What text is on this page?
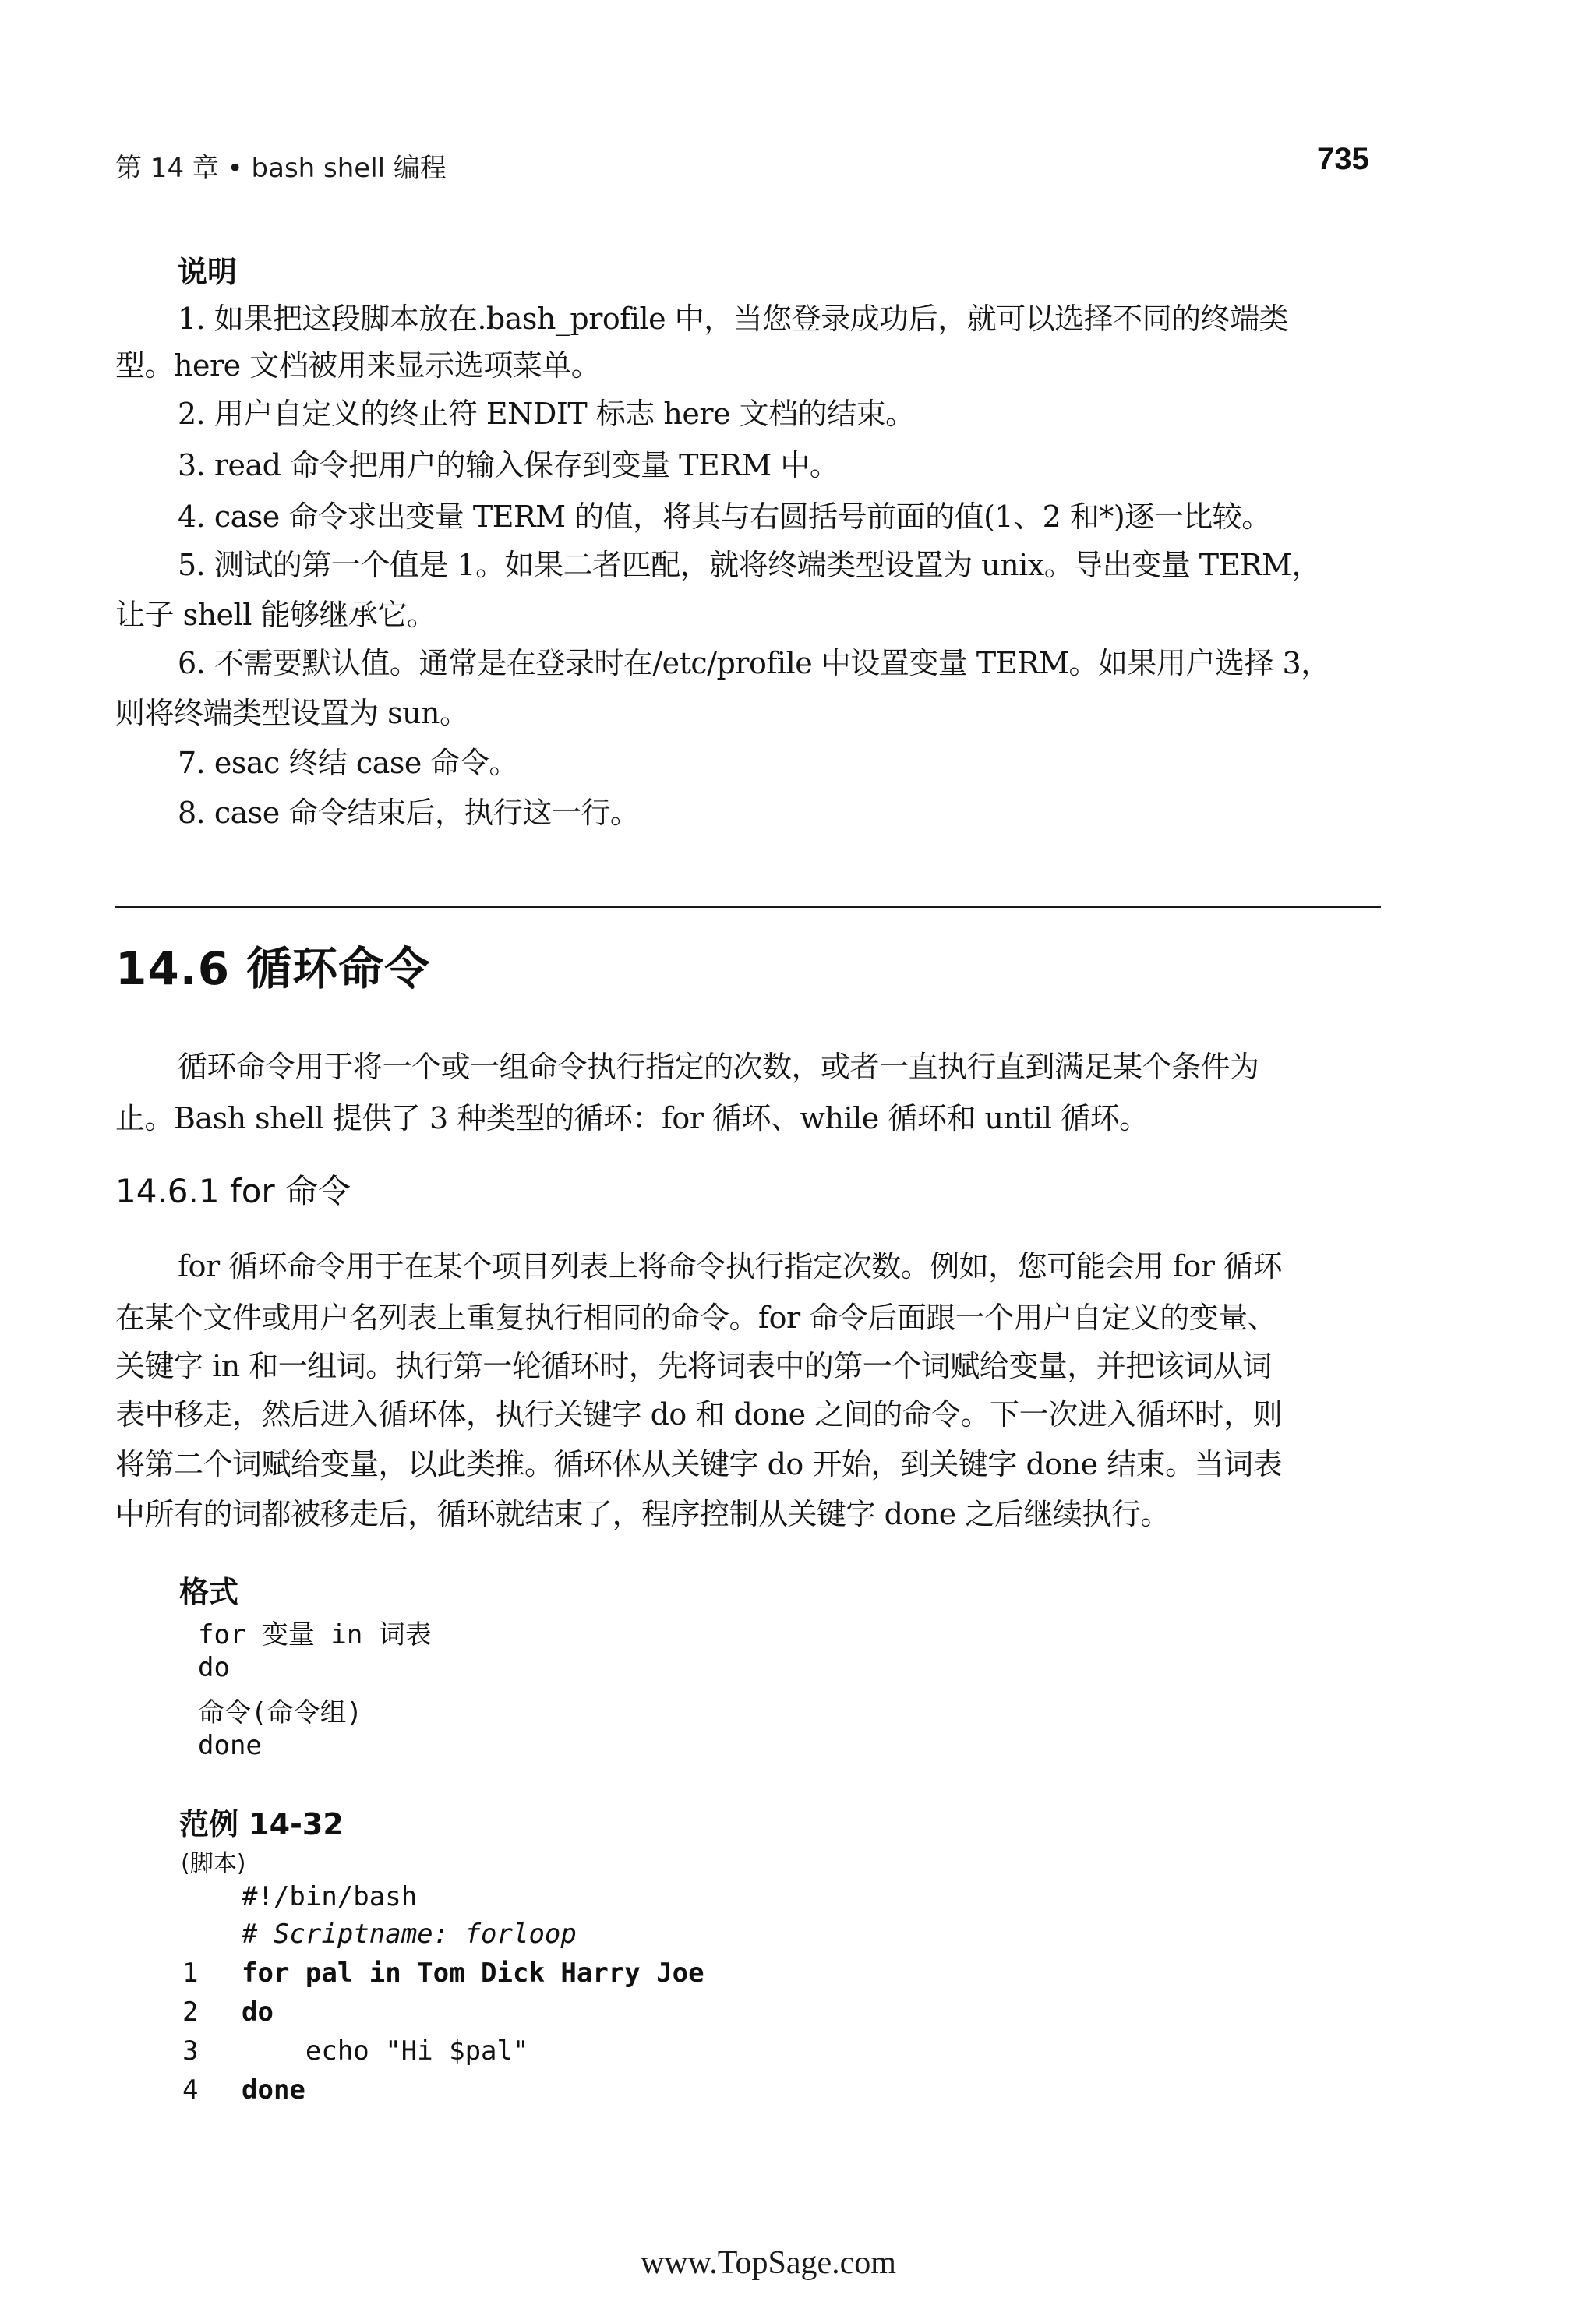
第 14 章 • bash shell 编程	735
说明
1. 如果把这段脚本放在.bash_profile 中，当您登录成功后，就可以选择不同的终端类
型。here 文档被用来显示选项菜单。
2. 用户自定义的终止符 ENDIT 标志 here 文档的结束。
3. read 命令把用户的输入保存到变量 TERM 中。
4. case 命令求出变量 TERM 的值，将其与右圆括号前面的值(1、2 和*)逐一比较。
5. 测试的第一个值是 1。如果二者匹配，就将终端类型设置为 unix。导出变量 TERM，
让子 shell 能够继承它。
6. 不需要默认值。通常是在登录时在/etc/profile 中设置变量 TERM。如果用户选择 3，
则将终端类型设置为 sun。
7. esac 终结 case 命令。
8. case 命令结束后，执行这一行。
14.6 循环命令
循环命令用于将一个或一组命令执行指定的次数，或者一直执行直到满足某个条件为
止。Bash shell 提供了 3 种类型的循环：for 循环、while 循环和 until 循环。
14.6.1 for 命令
for 循环命令用于在某个项目列表上将命令执行指定次数。例如，您可能会用 for 循环
在某个文件或用户名列表上重复执行相同的命令。for 命令后面跟一个用户自定义的变量、
关键字 in 和一组词。执行第一轮循环时，先将词表中的第一个词赋给变量，并把该词从词
表中移走，然后进入循环体，执行关键字 do 和 done 之间的命令。下一次进入循环时，则
将第二个词赋给变量，以此类推。循环体从关键字 do 开始，到关键字 done 结束。当词表
中所有的词都被移走后，循环就结束了，程序控制从关键字 done 之后继续执行。
格式
for 变量 in 词表
do
命令(命令组)
done
范例 14-32
(脚本)
#!/bin/bash
# Scriptname: forloop
1 for pal in Tom Dick Harry Joe
2 do
3 echo "Hi $pal"
4 done
www.TopSage.com
